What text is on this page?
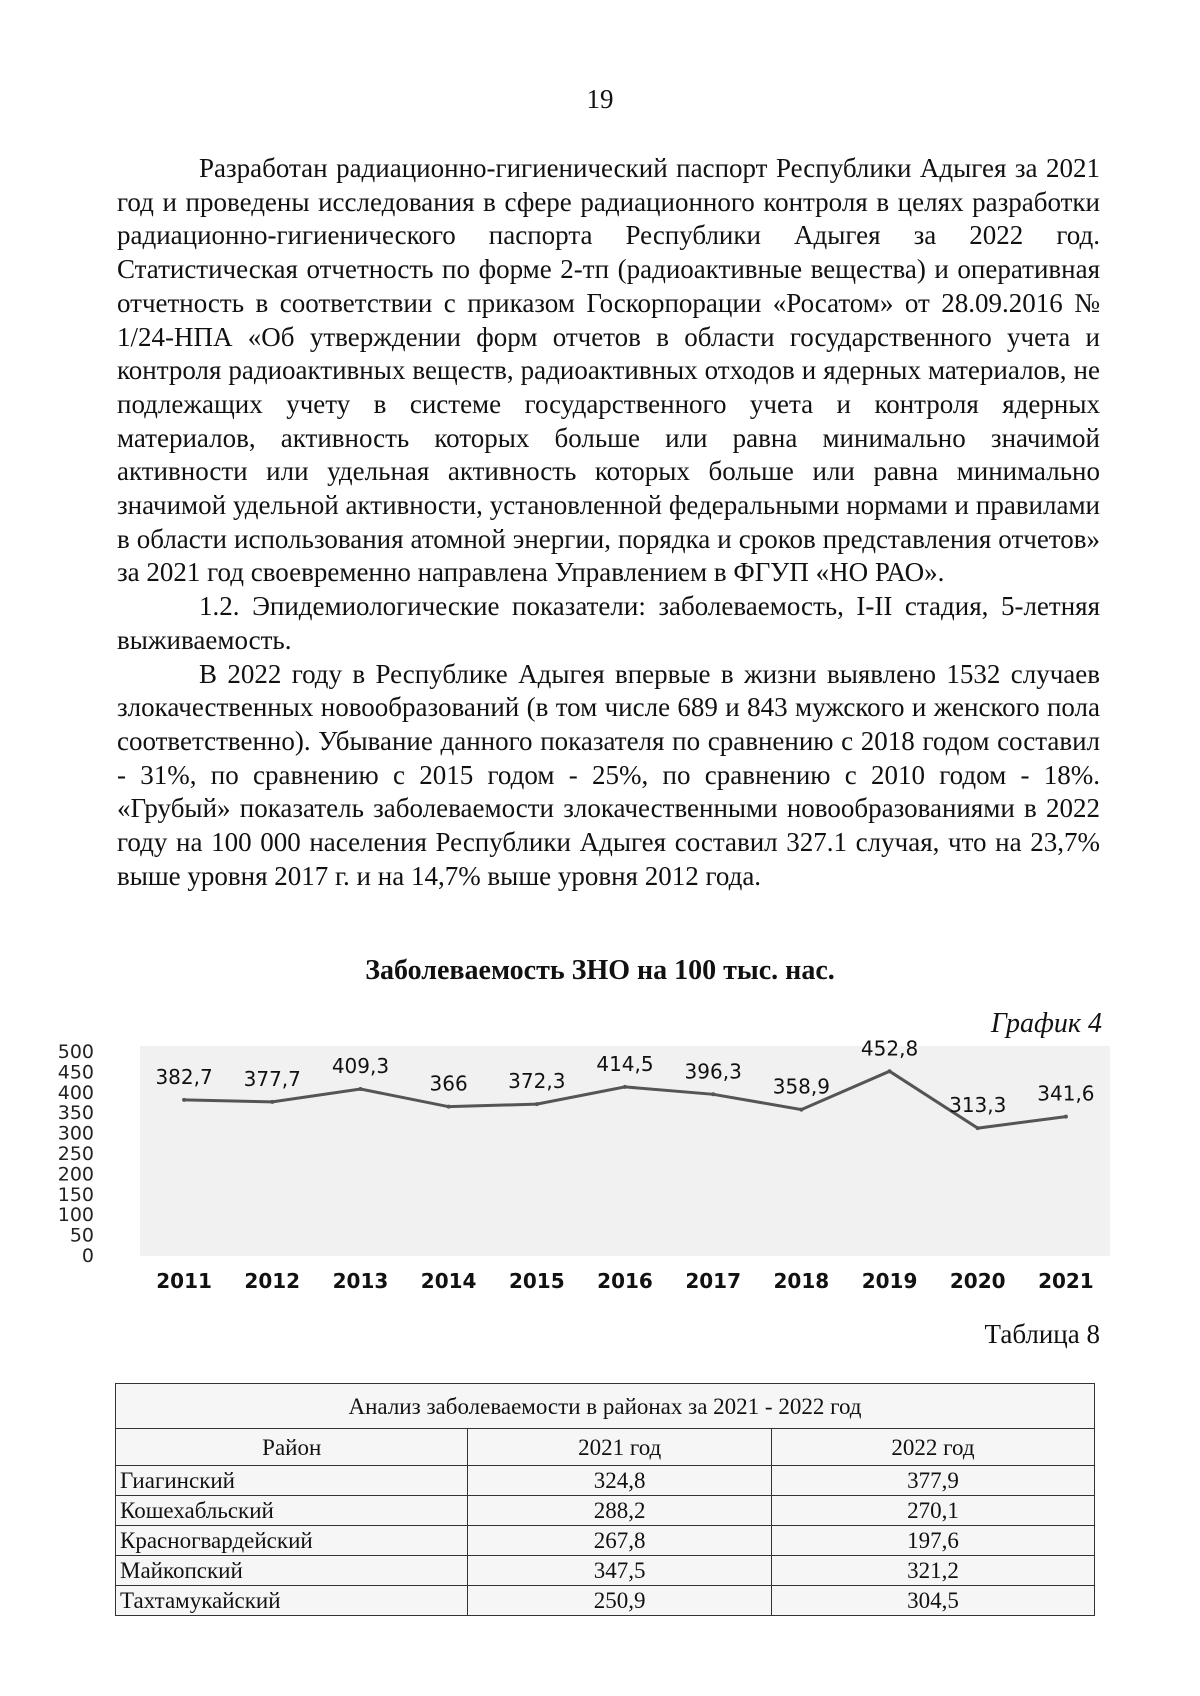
19

Разработан радиационно-гигиенический паспорт Республики Адыгея за 2021 год и проведены исследования в сфере радиационного контроля в целях разработки радиационно-гигиенического паспорта Республики Адыгея за 2022 год. Статистическая отчетность по форме 2-тп (радиоактивные вещества) и оперативная отчетность в соответствии с приказом Госкорпорации «Росатом» от 28.09.2016 № 1/24-НПА «Об утверждении форм отчетов в области государственного учета и контроля радиоактивных веществ, радиоактивных отходов и ядерных материалов, не подлежащих учету в системе государственного учета и контроля ядерных материалов, активность которых больше или равна минимально значимой активности или удельная активность которых больше или равна минимально значимой удельной активности, установленной федеральными нормами и правилами в области использования атомной энергии, порядка и сроков представления отчетов» за 2021 год своевременно направлена Управлением в ФГУП «НО РАО».

1.2. Эпидемиологические показатели: заболеваемость, I-II стадия, 5-летняя выживаемость.

В 2022 году в Республике Адыгея впервые в жизни выявлено 1532 случаев злокачественных новообразований (в том числе 689 и 843 мужского и женского пола соответственно). Убывание данного показателя по сравнению с 2018 годом составил - 31%, по сравнению с 2015 годом - 25%, по сравнению с 2010 годом - 18%. «Грубый» показатель заболеваемости злокачественными новообразованиями в 2022 году на 100 000 населения Республики Адыгея составил 327.1 случая, что на 23,7% выше уровня 2017 г. и на 14,7% выше уровня 2012 года.

Заболеваемость ЗНО на 100 тыс. нас.
График 4
500
450
400
350
300
250
200
150
100
50
0
2011 2012 2013 2014 2015 2016 2017 2018 2019 2020 2021
382,7 377,7
409,3
366 372,3
414,5 396,3
358,9
452,8
313,3 341,6
Таблица 8
Анализ заболеваемости в районах за 2021 - 2022 год		
Район	2021 год	2022 год
Гиагинский	324,8	377,9
Кошехабльский	288,2	270,1
Красногвардейский	267,8	197,6
Майкопский	347,5	321,2
Тахтамукайский	250,9	304,5
